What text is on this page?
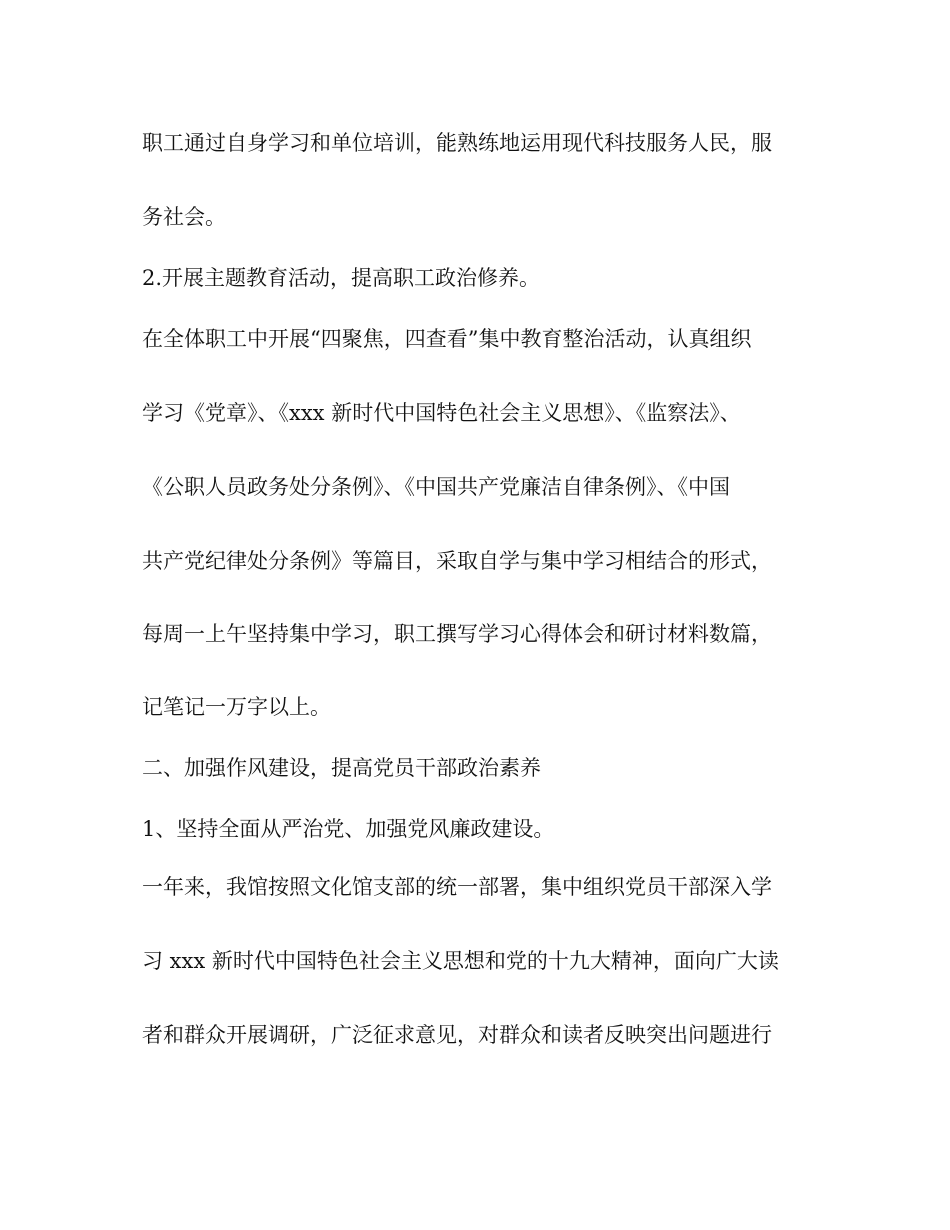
职工通过自身学习和单位培训，能熟练地运用现代科技服务人民，服
务社会。
2.开展主题教育活动，提高职工政治修养。
在全体职工中开展“四聚焦，四查看”集中教育整治活动，认真组织
学习《党章》、《xxx 新时代中国特色社会主义思想》、《监察法》、
《公职人员政务处分条例》、《中国共产党廉洁自律条例》、《中国
共产党纪律处分条例》等篇目，采取自学与集中学习相结合的形式，
每周一上午坚持集中学习，职工撰写学习心得体会和研讨材料数篇，
记笔记一万字以上。
二、加强作风建设，提高党员干部政治素养
1、坚持全面从严治党、加强党风廉政建设。
一年来，我馆按照文化馆支部的统一部署，集中组织党员干部深入学
习 xxx 新时代中国特色社会主义思想和党的十九大精神，面向广大读
者和群众开展调研，广泛征求意见，对群众和读者反映突出问题进行
